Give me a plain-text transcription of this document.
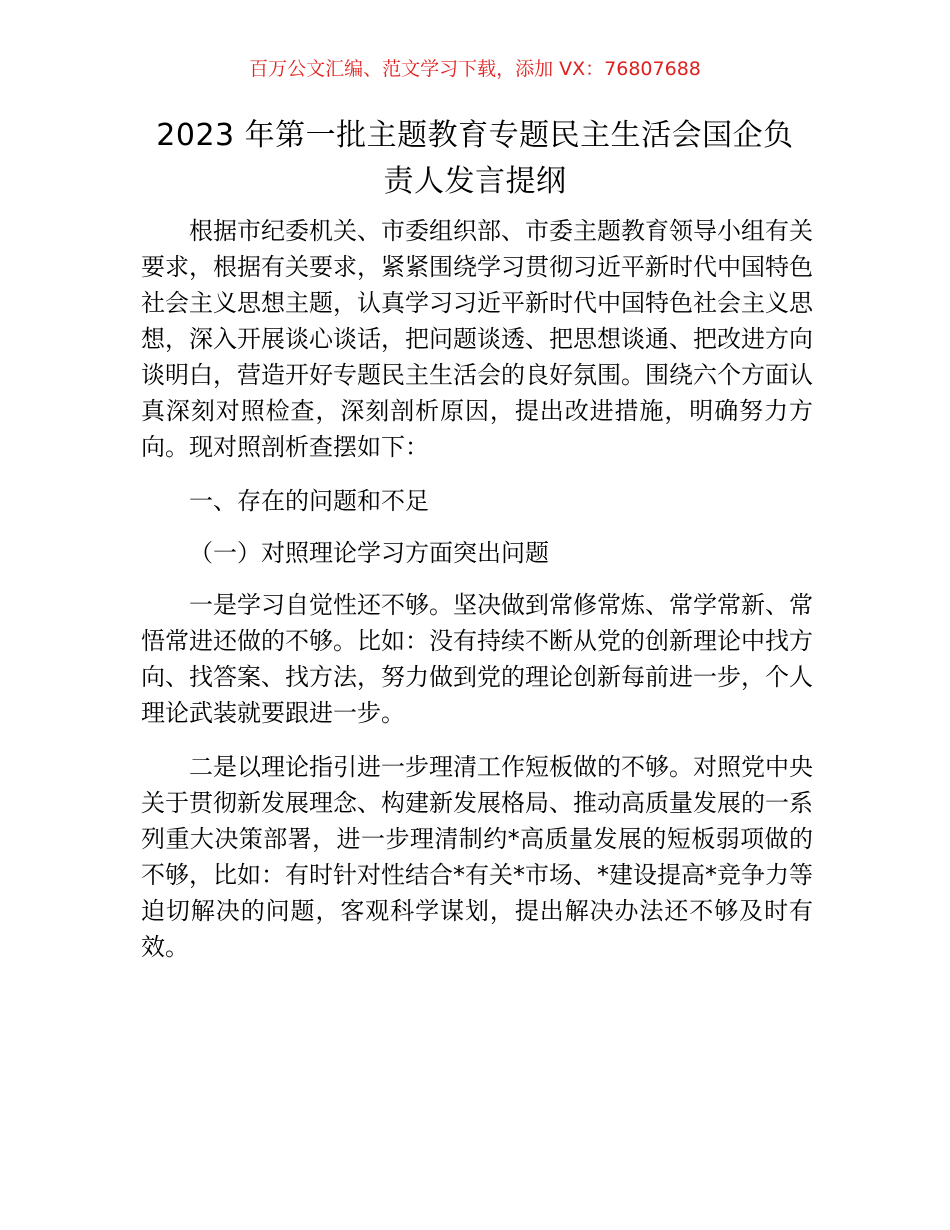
百万公文汇编、范文学习下载，添加 VX：76807688
2023 年第一批主题教育专题民主生活会国企负
责人发言提纲

根据市纪委机关、市委组织部、市委主题教育领导小组有关要求，根据有关要求，紧紧围绕学习贯彻习近平新时代中国特色社会主义思想主题，认真学习习近平新时代中国特色社会主义思想，深入开展谈心谈话，把问题谈透、把思想谈通、把改进方向谈明白，营造开好专题民主生活会的良好氛围。围绕六个方面认真深刻对照检查，深刻剖析原因，提出改进措施，明确努力方向。现对照剖析查摆如下：

一、存在的问题和不足

（一）对照理论学习方面突出问题

一是学习自觉性还不够。坚决做到常修常炼、常学常新、常悟常进还做的不够。比如：没有持续不断从党的创新理论中找方向、找答案、找方法，努力做到党的理论创新每前进一步，个人理论武装就要跟进一步。

二是以理论指引进一步理清工作短板做的不够。对照党中央关于贯彻新发展理念、构建新发展格局、推动高质量发展的一系列重大决策部署，进一步理清制约*高质量发展的短板弱项做的不够，比如：有时针对性结合*有关*市场、*建设提高*竞争力等迫切解决的问题，客观科学谋划，提出解决办法还不够及时有效。
